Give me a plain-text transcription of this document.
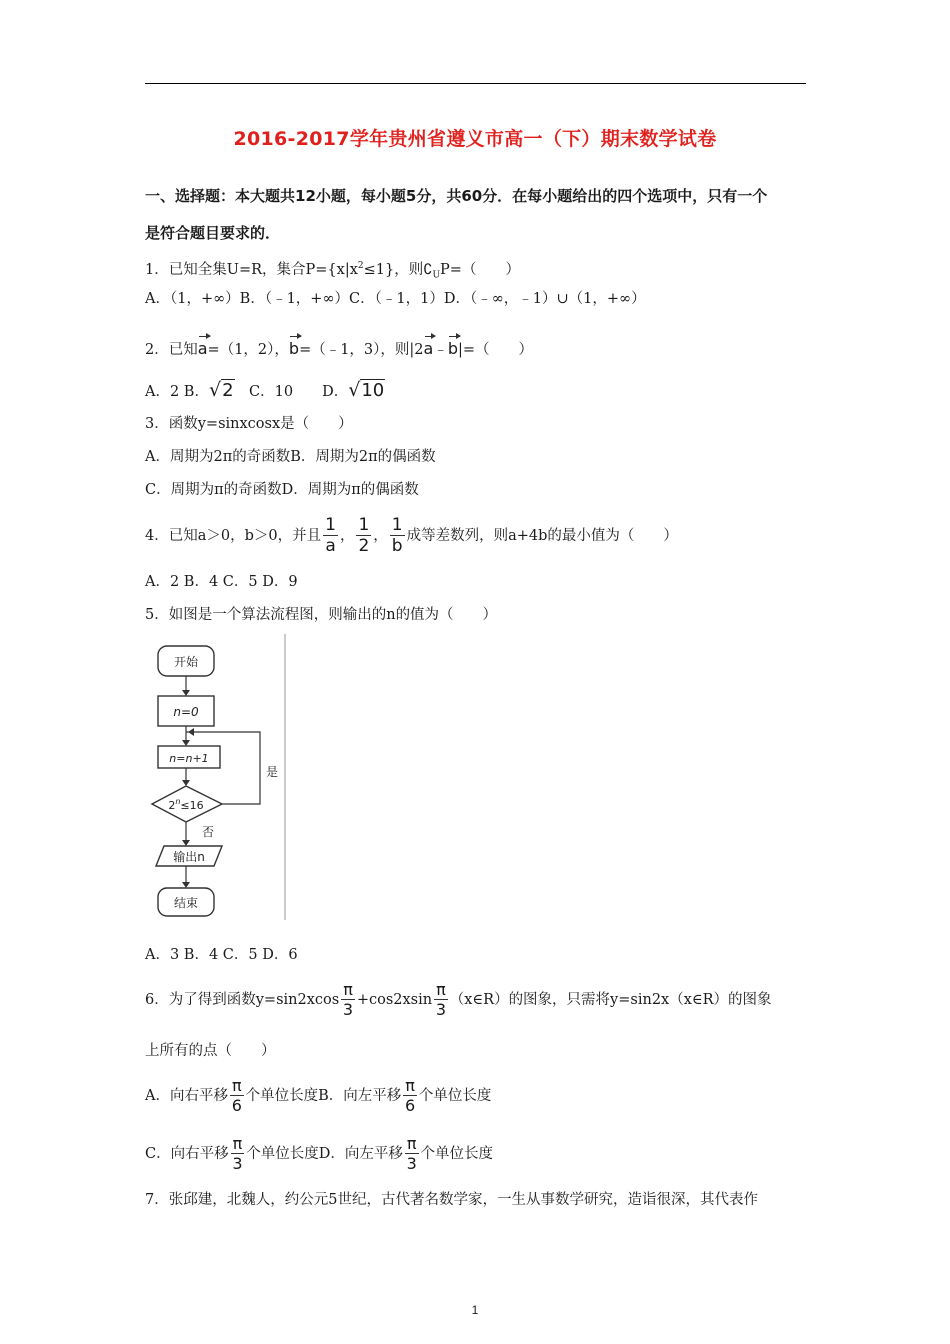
2016-2017学年贵州省遵义市高一（下）期末数学试卷
一、选择题：本大题共12小题，每小题5分，共60分．在每小题给出的四个选项中，只有一个
是符合题目要求的．
1．已知全集U=R，集合$P=\{x|x^2\le 1\}$，则$∁_UP=$（　　）
A．（1，+∞）B．（﹣1，+∞）C．（﹣1，1）D．（﹣∞，﹣1）∪（1，+∞）
2．已知a=（1，2），b=（﹣1，3），则|2a﹣b|=（　　）
A．2 B．√2　C．10　　D．√10
3．函数y=sinxcosx是（　　）
A．周期为2π的奇函数B．周期为2π的偶函数
C．周期为π的奇函数D．周期为π的偶函数
4．已知a＞0，b＞0，并且 $\frac{1}{a}$ ， $\frac{1}{2}$ ， $\frac{1}{b}$ 成等差数列，则a+4b的最小值为（　　）
A．2 B．4 C．5 D．9
5．如图是一个算法流程图，则输出的n的值为（　　）
开始
n=0
n=n+1
$2^n\le 16$
是
否
输出n
结束
A．3 B．4 C．5 D．6
6．为了得到函数$y=\sin 2xcos \frac{\pi}{3} +\cos 2xsin \frac{\pi}{3}$ （x∈R）的图象，只需将y=sin2x（x∈R）的图象
上所有的点（　　）
A．向右平移 $\frac{\pi}{6}$ 个单位长度B．向左平移 $\frac{\pi}{6}$ 个单位长度
C．向右平移 $\frac{\pi}{3}$ 个单位长度D．向左平移 $\frac{\pi}{3}$ 个单位长度
7．张邱建，北魏人，约公元5世纪，古代著名数学家，一生从事数学研究，造诣很深，其代表作
1
